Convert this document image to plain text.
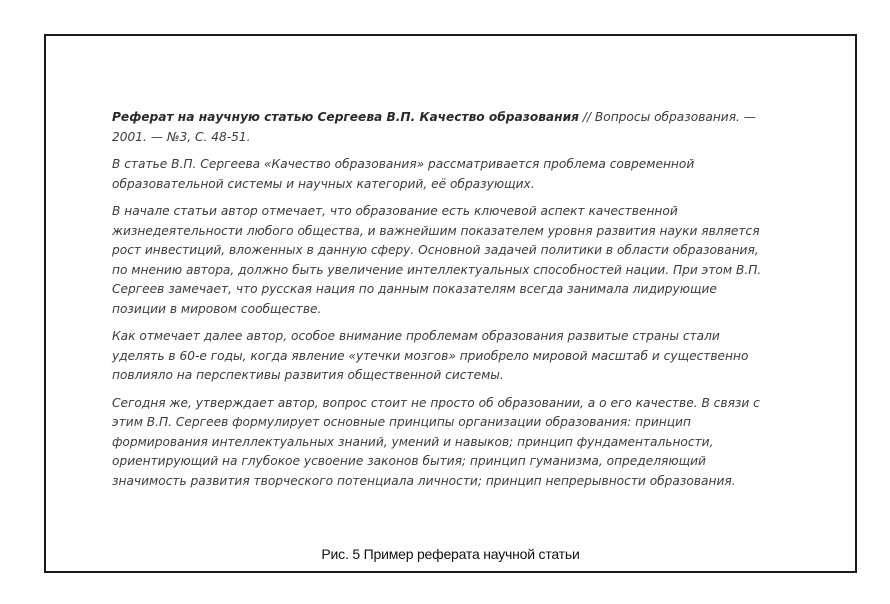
Реферат на научную статью Сергеева В.П. Качество образования // Вопросы образования. — 2001. — №3, С. 48-51.

В статье В.П. Сергеева «Качество образования» рассматривается проблема современной образовательной системы и научных категорий, её образующих.

В начале статьи автор отмечает, что образование есть ключевой аспект качественной жизнедеятельности любого общества, и важнейшим показателем уровня развития науки является рост инвестиций, вложенных в данную сферу. Основной задачей политики в области образования, по мнению автора, должно быть увеличение интеллектуальных способностей нации. При этом В.П. Сергеев замечает, что русская нация по данным показателям всегда занимала лидирующие позиции в мировом сообществе.

Как отмечает далее автор, особое внимание проблемам образования развитые страны стали уделять в 60-е годы, когда явление «утечки мозгов» приобрело мировой масштаб и существенно повлияло на перспективы развития общественной системы.

Сегодня же, утверждает автор, вопрос стоит не просто об образовании, а о его качестве. В связи с этим В.П. Сергеев формулирует основные принципы организации образования: принцип формирования интеллектуальных знаний, умений и навыков; принцип фундаментальности, ориентирующий на глубокое усвоение законов бытия; принцип гуманизма, определяющий значимость развития творческого потенциала личности; принцип непрерывности образования.

Рис. 5 Пример реферата научной статьи
